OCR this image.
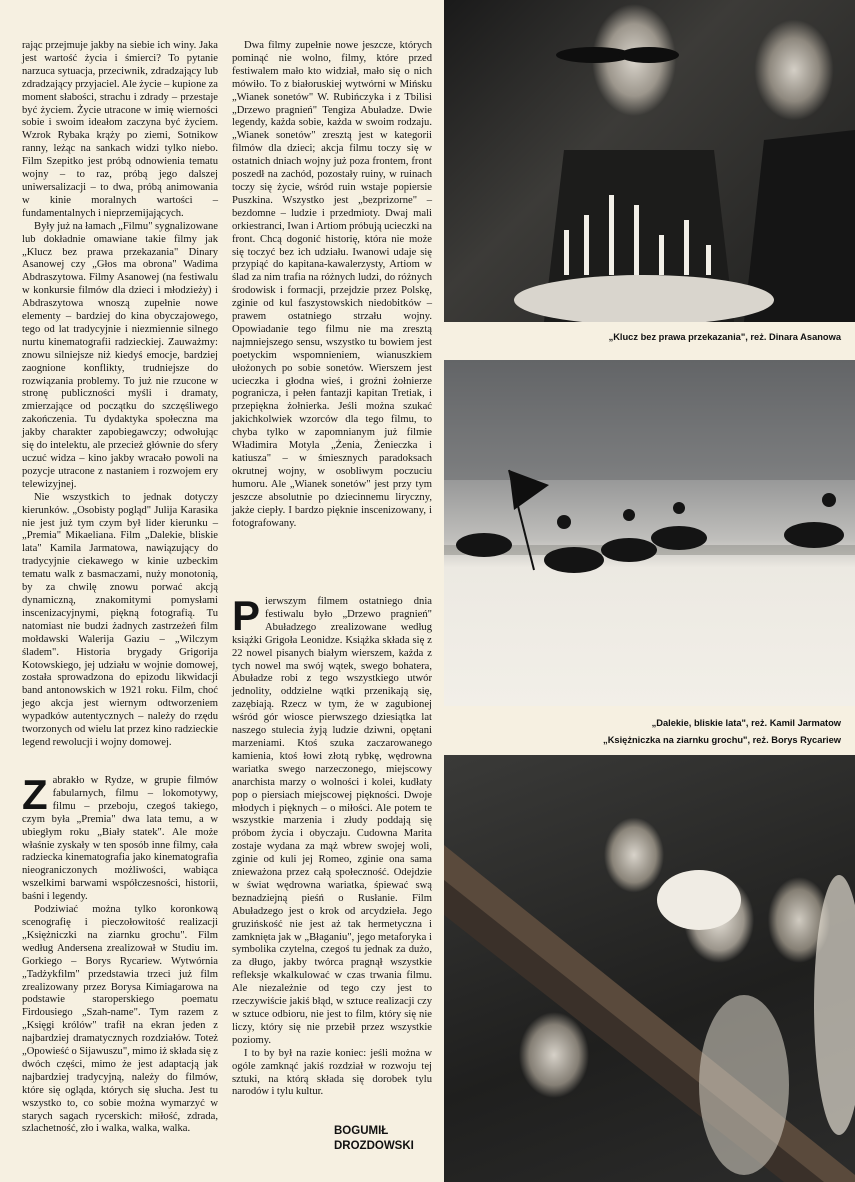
rając przejmuje jakby na siebie ich winy. Jaka jest wartość życia i śmierci? To pytanie narzuca sytuacja, przeciwnik, zdradzający lub zdradzający przyjaciel. Ale życie – kupione za moment słabości, strachu i zdrady – przestaje być życiem. Życie utracone w imię wierności sobie i swoim ideałom zaczyna być życiem. Wzrok Rybaka krąży po ziemi, Sotnikow ranny, leżąc na sankach widzi tylko niebo. Film Szepitko jest próbą odnowienia tematu wojny – to raz, próbą jego dalszej uniwersalizacji – to dwa, próbą animowania w kinie moralnych wartości – fundamentalnych i nieprzemijających.

Były już na łamach „Filmu" sygnalizowane lub dokładnie omawiane takie filmy jak „Klucz bez prawa przekazania" Dinary Asanowej czy „Głos ma obrona" Wadima Abdraszytowa. Filmy Asanowej (na festiwalu w konkursie filmów dla dzieci i młodzieży) i Abdraszytowa wnoszą zupełnie nowe elementy – bardziej do kina obyczajowego, tego od lat tradycyjnie i niezmiennie silnego nurtu kinematografii radzieckiej. Zauważmy: znowu silniejsze niż kiedyś emocje, bardziej zaognione konflikty, trudniejsze do rozwiązania problemy. To już nie rzucone w stronę publiczności myśli i dramaty, zmierzające od początku do szczęśliwego zakończenia. Tu dydaktyka społeczna ma jakby charakter zapobiegawczy; odwołując się do intelektu, ale przecież głównie do sfery uczuć widza – kino jakby wracało powoli na pozycje utracone z nastaniem i rozwojem ery telewizyjnej.

Nie wszystkich to jednak dotyczy kierunków. „Osobisty pogląd" Julija Karasika nie jest już tym czym był lider kierunku – „Premia" Mikaeliana. Film „Dalekie, bliskie lata" Kamila Jarmatowa, nawiązujący do tradycyjnie ciekawego w kinie uzbeckim tematu walk z basmaczami, nuży monotonią, by za chwilę znowu porwać akcją dynamiczną, znakomitymi pomysłami inscenizacyjnymi, piękną fotografią. Tu natomiast nie budzi żadnych zastrzeżeń film mołdawski Walerija Gaziu – „Wilczym śladem". Historia brygady Grigorija Kotowskiego, jej udziału w wojnie domowej, została sprowadzona do epizodu likwidacji band antonowskich w 1921 roku. Film, choć jego akcja jest wiernym odtworzeniem wypadków autentycznych – należy do rzędu tworzonych od wielu lat przez kino radzieckie legend rewolucji i wojny domowej.

Zabrakło w Rydze, w grupie filmów fabularnych, filmu – lokomotywy, filmu – przeboju, czegoś takiego, czym była „Premia" dwa lata temu, a w ubiegłym roku „Biały statek". Ale może właśnie zyskały w ten sposób inne filmy, cała radziecka kinematografia jako kinematografia nieograniczonych możliwości, wabiąca wszelkimi barwami współczesności, historii, baśni i legendy.

Podziwiać można tylko koronkową scenografię i pieczołowitość realizacji „Księżniczki na ziarnku grochu". Film według Andersena zrealizował w Studiu im. Gorkiego – Borys Rycariew. Wytwórnia „Tadżykfilm" przedstawia trzeci już film zrealizowany przez Borysa Kimiagarowa na podstawie staroperskiego poematu Firdousiego „Szah-name". Tym razem z „Księgi królów" trafił na ekran jeden z najbardziej dramatycznych rozdziałów. Toteż „Opowieść o Sijawuszu", mimo iż składa się z dwóch części, mimo że jest adaptacją jak najbardziej tradycyjną, należy do filmów, które się ogląda, których się słucha. Jest tu wszystko to, co sobie można wymarzyć w starych sagach rycerskich: miłość, zdrada, szlachetność, zło i walka, walka, walka.

Dwa filmy zupełnie nowe jeszcze, których pominąć nie wolno, filmy, które przed festiwalem mało kto widział, mało się o nich mówiło. To z białoruskiej wytwórni w Mińsku „Wianek sonetów" W. Rubińczyka i z Tbilisi „Drzewo pragnień" Tengiza Abuładze. Dwie legendy, każda sobie, każda w swoim rodzaju. „Wianek sonetów" zresztą jest w kategorii filmów dla dzieci; akcja filmu toczy się w ostatnich dniach wojny już poza frontem, front poszedł na zachód, pozostały ruiny, w ruinach toczy się życie, wśród ruin wstaje popiersie Puszkina. Wszystko jest „bezprizorne" – bezdomne – ludzie i przedmioty. Dwaj mali orkiestranci, Iwan i Artiom próbują ucieczki na front. Chcą dogonić historię, która nie może się toczyć bez ich udziału. Iwanowi udaje się przypiąć do kapitana-kawalerzysty, Artiom w ślad za nim trafia na różnych ludzi, do różnych środowisk i formacji, przejdzie przez Polskę, zginie od kul faszystowskich niedobitków – prawem ostatniego strzału wojny. Opowiadanie tego filmu nie ma zresztą najmniejszego sensu, wszystko tu bowiem jest poetyckim wspomnieniem, wianuszkiem ułożonych po sobie sonetów. Wierszem jest ucieczka i głodna wieś, i groźni żołnierze pogranicza, i pełen fantazji kapitan Tretiak, i przepiękna żołnierka. Jeśli można szukać jakichkolwiek wzorców dla tego filmu, to chyba tylko w zapomnianym już filmie Władimira Motyla „Żenia, Żenieczka i katiusza" – w śmiesznych paradoksach okrutnej wojny, w osobliwym poczuciu humoru. Ale „Wianek sonetów" jest przy tym jeszcze absolutnie po dziecinnemu liryczny, jakże ciepły. I bardzo pięknie inscenizowany, i fotografowany.

Pierwszym filmem ostatniego dnia festiwalu było „Drzewo pragnień" Abuładzego zrealizowane według książki Grigoła Leonidze. Książka składa się z 22 nowel pisanych białym wierszem, każda z tych nowel ma swój wątek, swego bohatera, Abuładze robi z tego wszystkiego utwór jednolity, oddzielne wątki przenikają się, zazębiają. Rzecz w tym, że w zagubionej wśród gór wiosce pierwszego dziesiątka lat naszego stulecia żyją ludzie dziwni, opętani marzeniami. Ktoś szuka zaczarowanego kamienia, ktoś łowi złotą rybkę, wędrowna wariatka swego narzeczonego, miejscowy anarchista marzy o wolności i kolei, kudłaty pop o piersiach miejscowej piękności. Dwoje młodych i pięknych – o miłości. Ale potem te wszystkie marzenia i złudy poddają się próbom życia i obyczaju. Cudowna Marita zostaje wydana za mąż wbrew swojej woli, zginie od kuli jej Romeo, zginie ona sama znieważona przez całą społeczność. Odejdzie w świat wędrowna wariatka, śpiewać swą beznadziejną pieśń o Rusłanie. Film Abuładzego jest o krok od arcydzieła. Jego gruzińskość nie jest aż tak hermetyczna i zamknięta jak w „Błaganiu", jego metaforyka i symbolika czytelna, czegoś tu jednak za dużo, za długo, jakby twórca pragnął wszystkie refleksje wkalkulować w czas trwania filmu. Ale niezależnie od tego czy jest to rzeczywiście jakiś błąd, w sztuce realizacji czy w sztuce odbioru, nie jest to film, który się nie liczy, który się nie przebił przez wszystkie poziomy.

I to by był na razie koniec: jeśli można w ogóle zamknąć jakiś rozdział w rozwoju tej sztuki, na którą składa się dorobek tylu narodów i tylu kultur.

BOGUMIŁ
DROZDOWSKI
„Klucz bez prawa przekazania", reż. Dinara Asanowa
„Dalekie, bliskie lata", reż. Kamil Jarmatow
„Księżniczka na ziarnku grochu", reż. Borys Rycariew
